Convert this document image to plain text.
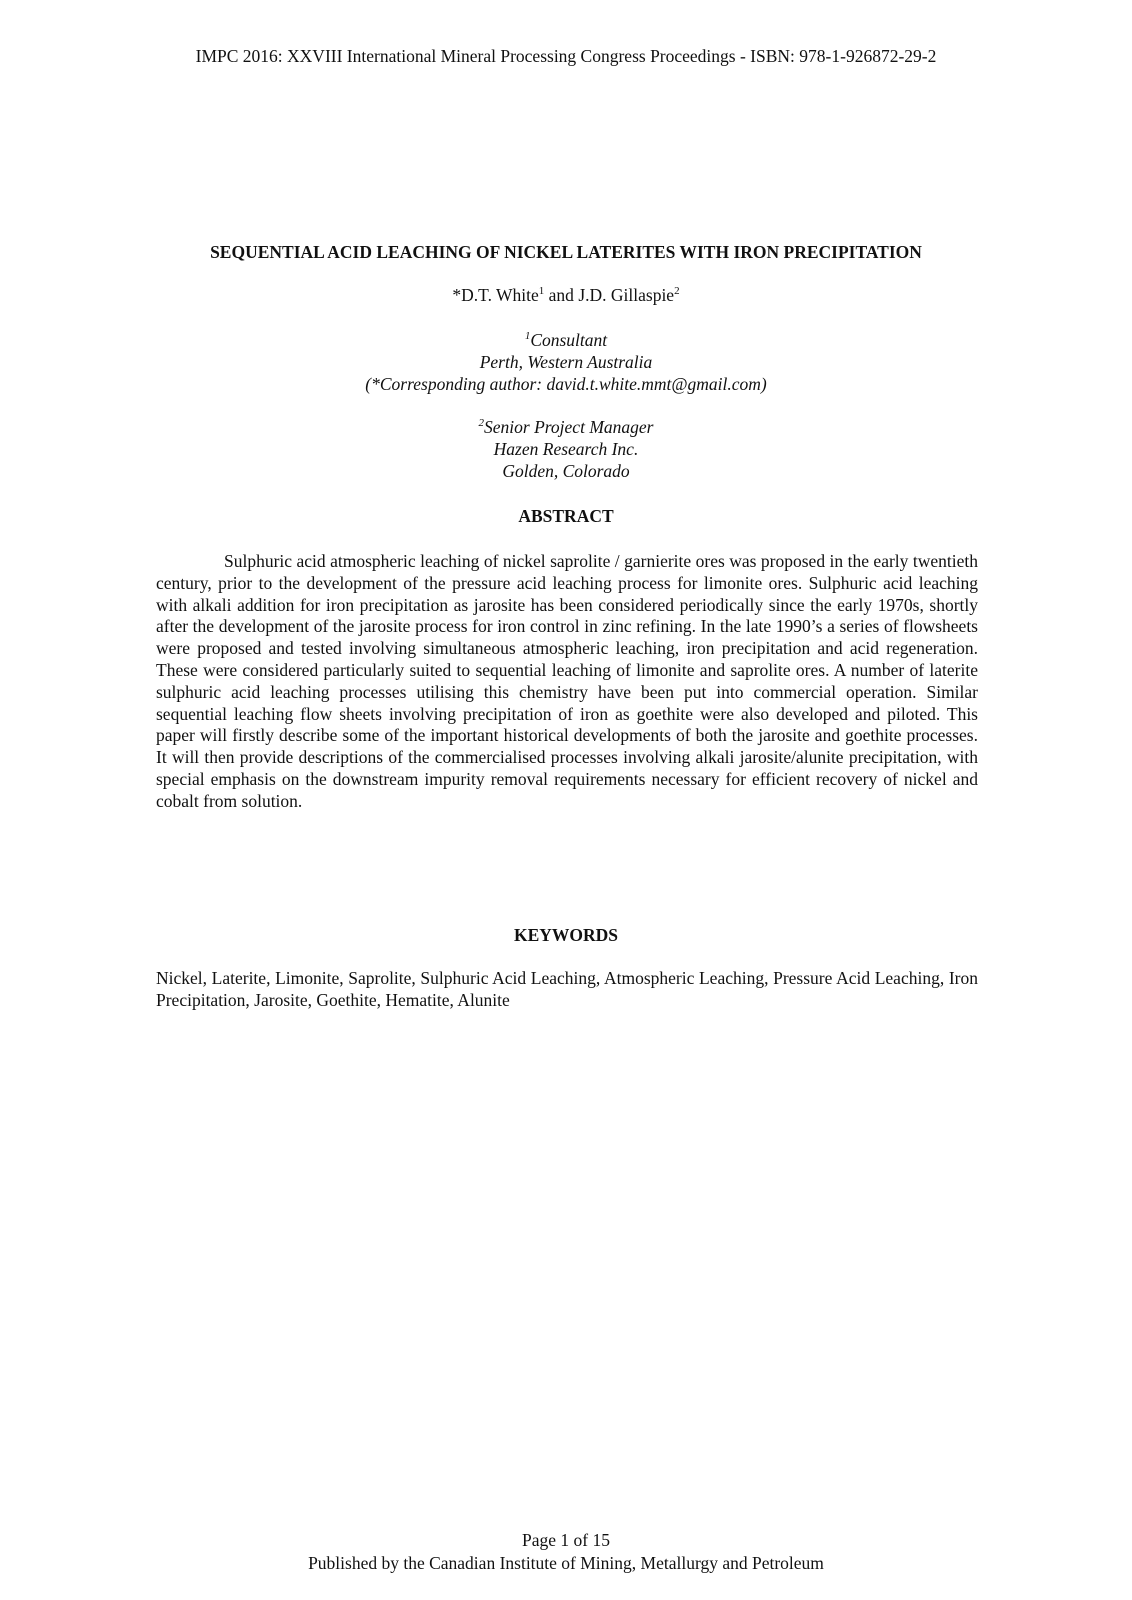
IMPC 2016: XXVIII International Mineral Processing Congress Proceedings - ISBN: 978-1-926872-29-2
SEQUENTIAL ACID LEACHING OF NICKEL LATERITES WITH IRON PRECIPITATION
*D.T. White$^1$ and J.D. Gillaspie$^2$
$^1$Consultant
Perth, Western Australia
(*Corresponding author: david.t.white.mmt@gmail.com)
$^2$Senior Project Manager
Hazen Research Inc.
Golden, Colorado
ABSTRACT
Sulphuric acid atmospheric leaching of nickel saprolite / garnierite ores was proposed in the early twentieth century, prior to the development of the pressure acid leaching process for limonite ores. Sulphuric acid leaching with alkali addition for iron precipitation as jarosite has been considered periodically since the early 1970s, shortly after the development of the jarosite process for iron control in zinc refining. In the late 1990’s a series of flowsheets were proposed and tested involving simultaneous atmospheric leaching, iron precipitation and acid regeneration. These were considered particularly suited to sequential leaching of limonite and saprolite ores. A number of laterite sulphuric acid leaching processes utilising this chemistry have been put into commercial operation. Similar sequential leaching flow sheets involving precipitation of iron as goethite were also developed and piloted. This paper will firstly describe some of the important historical developments of both the jarosite and goethite processes. It will then provide descriptions of the commercialised processes involving alkali jarosite/alunite precipitation, with special emphasis on the downstream impurity removal requirements necessary for efficient recovery of nickel and cobalt from solution.
KEYWORDS
Nickel, Laterite, Limonite, Saprolite, Sulphuric Acid Leaching, Atmospheric Leaching, Pressure Acid Leaching, Iron Precipitation, Jarosite, Goethite, Hematite, Alunite
Page 1 of 15
Published by the Canadian Institute of Mining, Metallurgy and Petroleum
